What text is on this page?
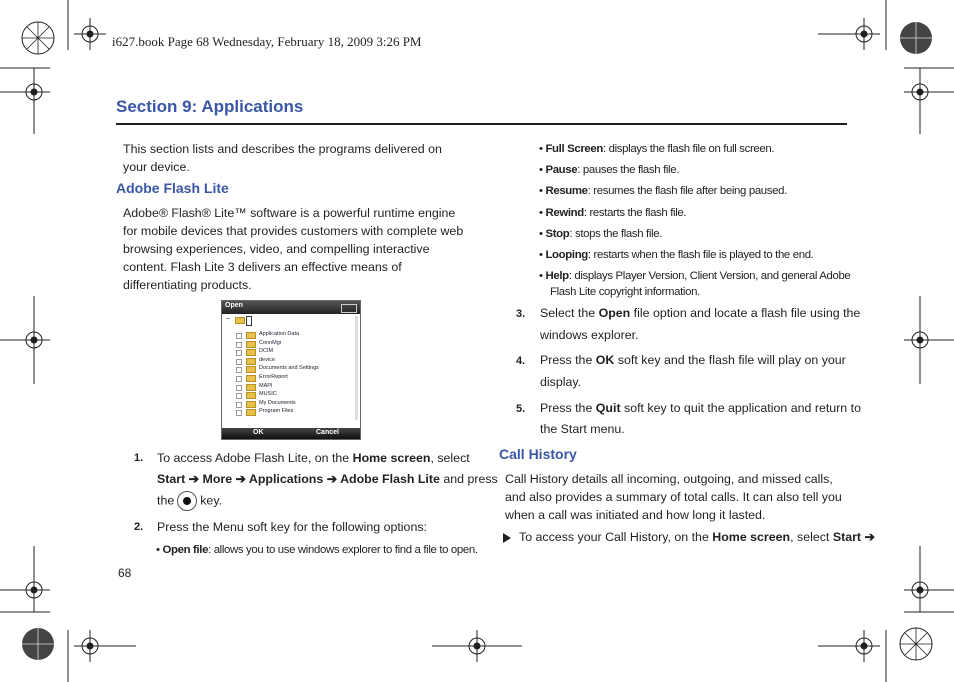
i627.book Page 68 Wednesday, February 18, 2009 3:26 PM
Section 9: Applications
This section lists and describes the programs delivered on your device.
Adobe Flash Lite
Adobe® Flash® Lite™ software is a powerful runtime engine for mobile devices that provides customers with complete web browsing experiences, video, and compelling interactive content. Flash Lite 3 delivers an effective means of differentiating products.
Open
Application Data
ConnMgr
DCIM
device
Documents and Settings
ErrorReport
MAPI
MUSIC
My Documents
Program Files
OK	Cancel
1. To access Adobe Flash Lite, on the Home screen, select
Start ➔ More ➔ Applications ➔ Adobe Flash Lite and press
the key.
2. Press the Menu soft key for the following options:
• Open file: allows you to use windows explorer to find a file to open.
68
• Full Screen: displays the flash file on full screen.
• Pause: pauses the flash file.
• Resume: resumes the flash file after being paused.
• Rewind: restarts the flash file.
• Stop: stops the flash file.
• Looping: restarts when the flash file is played to the end.
• Help: displays Player Version, Client Version, and general Adobe
Flash Lite copyright information.
3. Select the Open file option and locate a flash file using the
windows explorer.
4. Press the OK soft key and the flash file will play on your
display.
5. Press the Quit soft key to quit the application and return to
the Start menu.
Call History
Call History details all incoming, outgoing, and missed calls, and also provides a summary of total calls. It can also tell you when a call was initiated and how long it lasted.
To access your Call History, on the Home screen, select Start ➔
